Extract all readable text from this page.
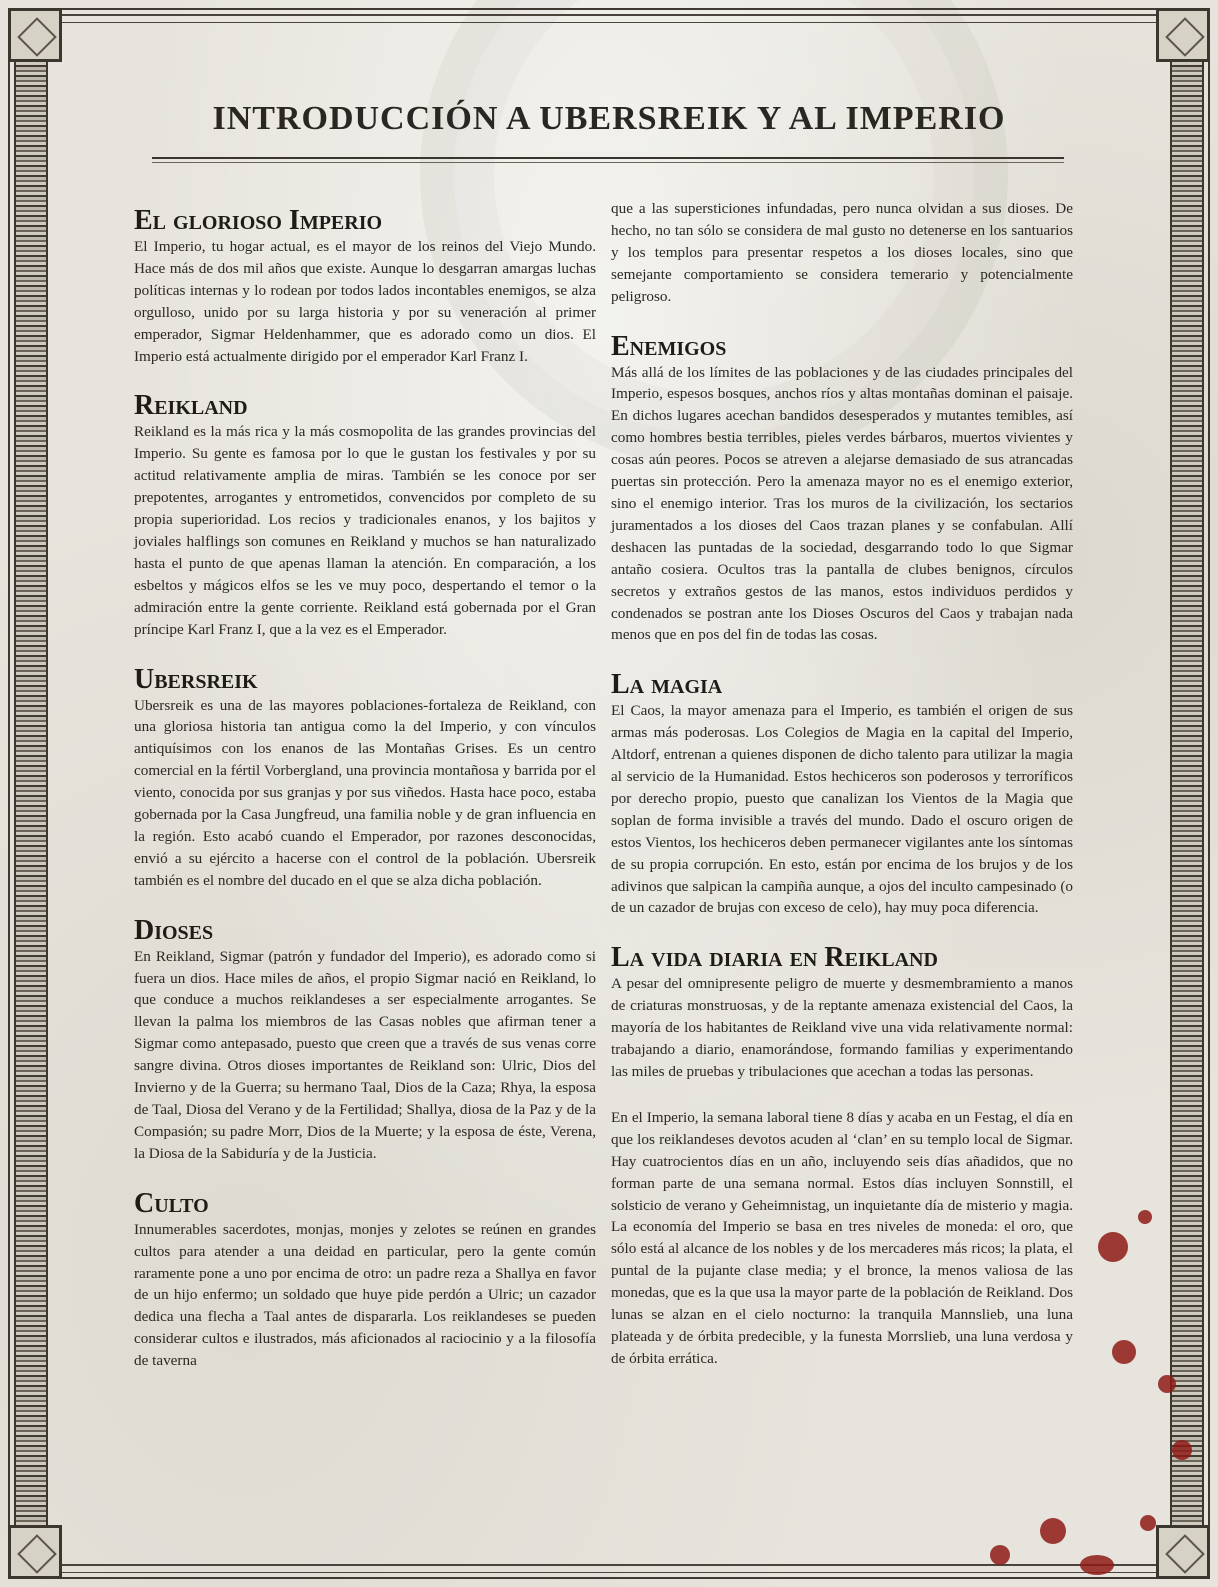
INTRODUCCIÓN A UBERSREIK Y AL IMPERIO
El glorioso Imperio

El Imperio, tu hogar actual, es el mayor de los reinos del Viejo Mundo. Hace más de dos mil años que existe. Aunque lo desgarran amargas luchas políticas internas y lo rodean por todos lados incontables enemigos, se alza orgulloso, unido por su larga historia y por su veneración al primer emperador, Sigmar Heldenhammer, que es adorado como un dios. El Imperio está actualmente dirigido por el emperador Karl Franz I.

Reikland

Reikland es la más rica y la más cosmopolita de las grandes provincias del Imperio. Su gente es famosa por lo que le gustan los festivales y por su actitud relativamente amplia de miras. También se les conoce por ser prepotentes, arrogantes y entrometidos, convencidos por completo de su propia superioridad. Los recios y tradicionales enanos, y los bajitos y joviales halflings son comunes en Reikland y muchos se han naturalizado hasta el punto de que apenas llaman la atención. En comparación, a los esbeltos y mágicos elfos se les ve muy poco, despertando el temor o la admiración entre la gente corriente. Reikland está gobernada por el Gran príncipe Karl Franz I, que a la vez es el Emperador.

Ubersreik

Ubersreik es una de las mayores poblaciones-fortaleza de Reikland, con una gloriosa historia tan antigua como la del Imperio, y con vínculos antiquísimos con los enanos de las Montañas Grises. Es un centro comercial en la fértil Vorbergland, una provincia montañosa y barrida por el viento, conocida por sus granjas y por sus viñedos. Hasta hace poco, estaba gobernada por la Casa Jungfreud, una familia noble y de gran influencia en la región. Esto acabó cuando el Emperador, por razones desconocidas, envió a su ejército a hacerse con el control de la población. Ubersreik también es el nombre del ducado en el que se alza dicha población.

Dioses

En Reikland, Sigmar (patrón y fundador del Imperio), es adorado como si fuera un dios. Hace miles de años, el propio Sigmar nació en Reikland, lo que conduce a muchos reiklandeses a ser especialmente arrogantes. Se llevan la palma los miembros de las Casas nobles que afirman tener a Sigmar como antepasado, puesto que creen que a través de sus venas corre sangre divina. Otros dioses importantes de Reikland son: Ulric, Dios del Invierno y de la Guerra; su hermano Taal, Dios de la Caza; Rhya, la esposa de Taal, Diosa del Verano y de la Fertilidad; Shallya, diosa de la Paz y de la Compasión; su padre Morr, Dios de la Muerte; y la esposa de éste, Verena, la Diosa de la Sabiduría y de la Justicia.

Culto

Innumerables sacerdotes, monjas, monjes y zelotes se reúnen en grandes cultos para atender a una deidad en particular, pero la gente común raramente pone a uno por encima de otro: un padre reza a Shallya en favor de un hijo enfermo; un soldado que huye pide perdón a Ulric; un cazador dedica una flecha a Taal antes de dispararla. Los reiklandeses se pueden considerar cultos e ilustrados, más aficionados al raciocinio y a la filosofía de taverna

que a las supersticiones infundadas, pero nunca olvidan a sus dioses. De hecho, no tan sólo se considera de mal gusto no detenerse en los santuarios y los templos para presentar respetos a los dioses locales, sino que semejante comportamiento se considera temerario y potencialmente peligroso.

Enemigos

Más allá de los límites de las poblaciones y de las ciudades principales del Imperio, espesos bosques, anchos ríos y altas montañas dominan el paisaje. En dichos lugares acechan bandidos desesperados y mutantes temibles, así como hombres bestia terribles, pieles verdes bárbaros, muertos vivientes y cosas aún peores. Pocos se atreven a alejarse demasiado de sus atrancadas puertas sin protección. Pero la amenaza mayor no es el enemigo exterior, sino el enemigo interior. Tras los muros de la civilización, los sectarios juramentados a los dioses del Caos trazan planes y se confabulan. Allí deshacen las puntadas de la sociedad, desgarrando todo lo que Sigmar antaño cosiera. Ocultos tras la pantalla de clubes benignos, círculos secretos y extraños gestos de las manos, estos individuos perdidos y condenados se postran ante los Dioses Oscuros del Caos y trabajan nada menos que en pos del fin de todas las cosas.

La magia

El Caos, la mayor amenaza para el Imperio, es también el origen de sus armas más poderosas. Los Colegios de Magia en la capital del Imperio, Altdorf, entrenan a quienes disponen de dicho talento para utilizar la magia al servicio de la Humanidad. Estos hechiceros son poderosos y terroríficos por derecho propio, puesto que canalizan los Vientos de la Magia que soplan de forma invisible a través del mundo. Dado el oscuro origen de estos Vientos, los hechiceros deben permanecer vigilantes ante los síntomas de su propia corrupción. En esto, están por encima de los brujos y de los adivinos que salpican la campiña aunque, a ojos del inculto campesinado (o de un cazador de brujas con exceso de celo), hay muy poca diferencia.

La vida diaria en Reikland

A pesar del omnipresente peligro de muerte y desmembramiento a manos de criaturas monstruosas, y de la reptante amenaza existencial del Caos, la mayoría de los habitantes de Reikland vive una vida relativamente normal: trabajando a diario, enamorándose, formando familias y experimentando las miles de pruebas y tribulaciones que acechan a todas las personas.

En el Imperio, la semana laboral tiene 8 días y acaba en un Festag, el día en que los reiklandeses devotos acuden al ‘clan’ en su templo local de Sigmar. Hay cuatrocientos días en un año, incluyendo seis días añadidos, que no forman parte de una semana normal. Estos días incluyen Sonnstill, el solsticio de verano y Geheimnistag, un inquietante día de misterio y magia. La economía del Imperio se basa en tres niveles de moneda: el oro, que sólo está al alcance de los nobles y de los mercaderes más ricos; la plata, el puntal de la pujante clase media; y el bronce, la menos valiosa de las monedas, que es la que usa la mayor parte de la población de Reikland. Dos lunas se alzan en el cielo nocturno: la tranquila Mannslieb, una luna plateada y de órbita predecible, y la funesta Morrslieb, una luna verdosa y de órbita errática.
